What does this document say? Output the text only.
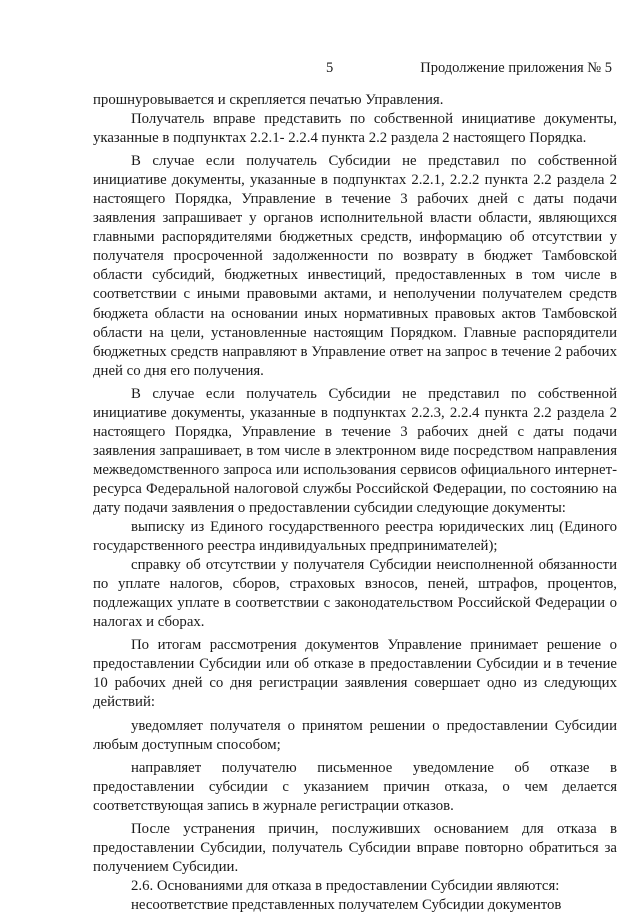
5	Продолжение приложения № 5

прошнуровывается и скрепляется печатью Управления.

Получатель вправе представить по собственной инициативе документы, указанные в подпунктах 2.2.1- 2.2.4 пункта 2.2 раздела 2 настоящего Порядка.

В случае если получатель Субсидии не представил по собственной инициативе документы, указанные в подпунктах 2.2.1, 2.2.2 пункта 2.2 раздела 2 настоящего Порядка, Управление в течение 3 рабочих дней с даты подачи заявления запрашивает у органов исполнительной власти области, являющихся главными распорядителями бюджетных средств, информацию об отсутствии у получателя просроченной задолженности по возврату в бюджет Тамбовской области субсидий, бюджетных инвестиций, предоставленных в том числе в соответствии с иными правовыми актами, и неполучении получателем средств бюджета области на основании иных нормативных правовых актов Тамбовской области на цели, установленные настоящим Порядком. Главные распорядители бюджетных средств направляют в Управление ответ на запрос в течение 2 рабочих дней со дня его получения.

В случае если получатель Субсидии не представил по собственной инициативе документы, указанные в подпунктах 2.2.3, 2.2.4 пункта 2.2 раздела 2 настоящего Порядка, Управление в течение 3 рабочих дней с даты подачи заявления запрашивает, в том числе в электронном виде посредством направления межведомственного запроса или использования сервисов официального интернет-ресурса Федеральной налоговой службы Российской Федерации, по состоянию на дату подачи заявления о предоставлении субсидии следующие документы:

выписку из Единого государственного реестра юридических лиц (Единого государственного реестра индивидуальных предпринимателей);

справку об отсутствии у получателя Субсидии неисполненной обязанности по уплате налогов, сборов, страховых взносов, пеней, штрафов, процентов, подлежащих уплате в соответствии с законодательством Российской Федерации о налогах и сборах.

По итогам рассмотрения документов Управление принимает решение о предоставлении Субсидии или об отказе в предоставлении Субсидии и в течение 10 рабочих дней со дня регистрации заявления совершает одно из следующих действий:

уведомляет получателя о принятом решении о предоставлении Субсидии любым доступным способом;

направляет получателю письменное уведомление об отказе в предоставлении субсидии с указанием причин отказа, о чем делается соответствующая запись в журнале регистрации отказов.

После устранения причин, послуживших основанием для отказа в предоставлении Субсидии, получатель Субсидии вправе повторно обратиться за получением Субсидии.

2.6. Основаниями для отказа в предоставлении Субсидии являются:

несоответствие представленных получателем Субсидии документов
